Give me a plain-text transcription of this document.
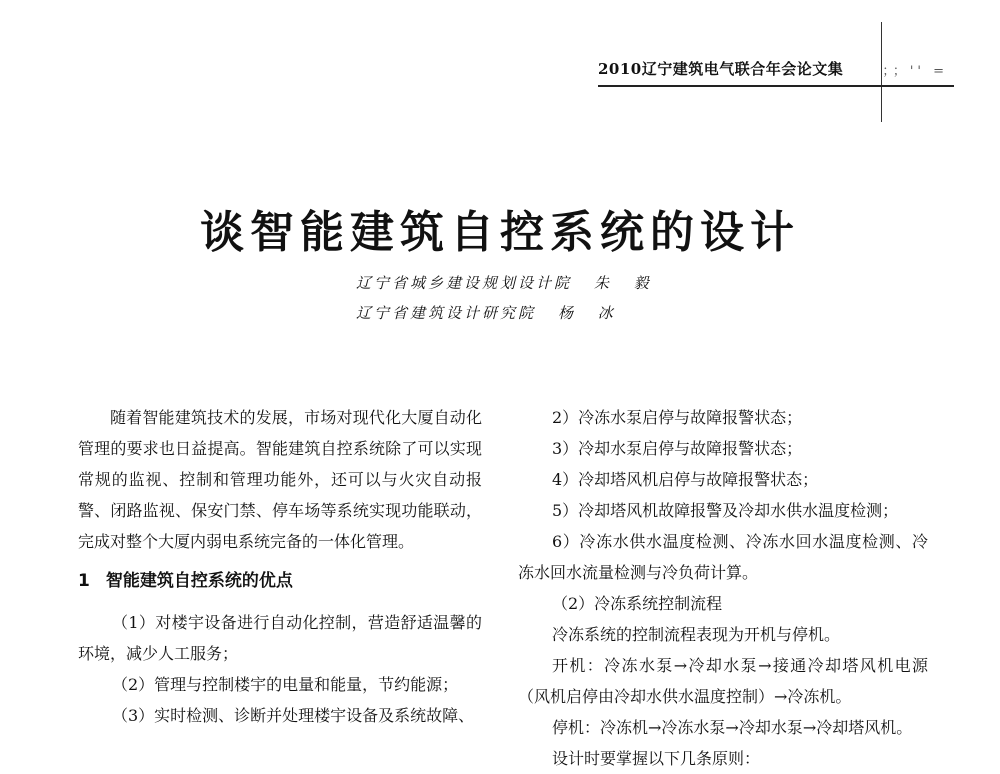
2010辽宁建筑电气联合年会论文集	；；'' =
谈智能建筑自控系统的设计
辽宁省城乡建设规划设计院 朱 毅
辽宁省建筑设计研究院 杨 冰

随着智能建筑技术的发展，市场对现代化大厦自动化管理的要求也日益提高。智能建筑自控系统除了可以实现常规的监视、控制和管理功能外，还可以与火灾自动报警、闭路监视、保安门禁、停车场等系统实现功能联动，完成对整个大厦内弱电系统完备的一体化管理。

1 智能建筑自控系统的优点

（1）对楼宇设备进行自动化控制，营造舒适温馨的环境，减少人工服务；

（2）管理与控制楼宇的电量和能量，节约能源；

（3）实时检测、诊断并处理楼宇设备及系统故障、

2）冷冻水泵启停与故障报警状态；

3）冷却水泵启停与故障报警状态；

4）冷却塔风机启停与故障报警状态；

5）冷却塔风机故障报警及冷却水供水温度检测；

6）冷冻水供水温度检测、冷冻水回水温度检测、冷冻水回水流量检测与冷负荷计算。

（2）冷冻系统控制流程

冷冻系统的控制流程表现为开机与停机。

开机：冷冻水泵→冷却水泵→接通冷却塔风机电源（风机启停由冷却水供水温度控制）→冷冻机。

停机：冷冻机→冷冻水泵→冷却水泵→冷却塔风机。

设计时要掌握以下几条原则：
